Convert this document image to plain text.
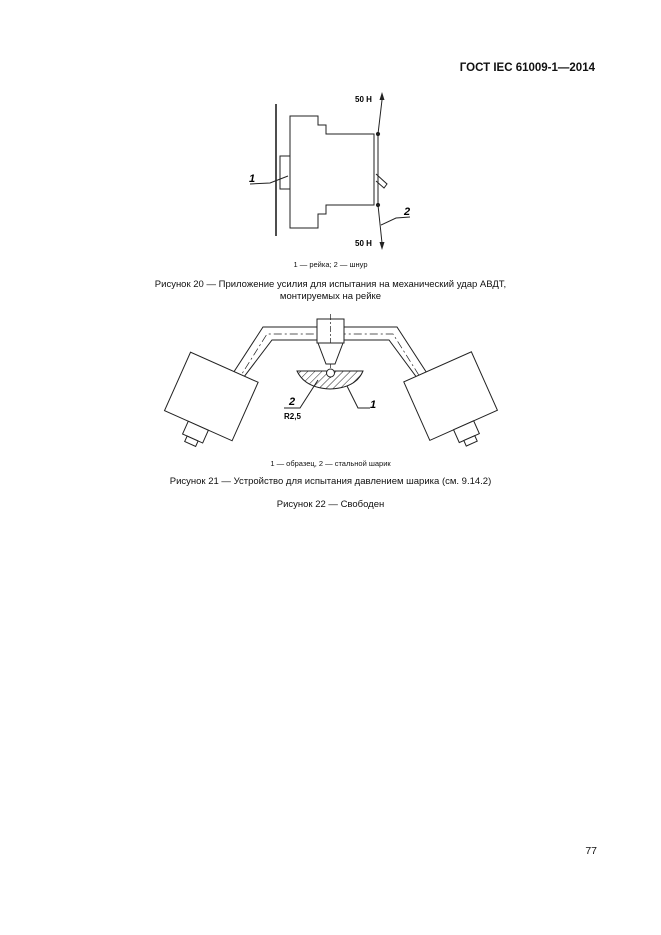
ГОСТ IEC 61009-1—2014
50 Н
50 Н
1
2
2
R2,5
1
1 — рейка; 2 — шнур
Рисунок 20 — Приложение усилия для испытания на механический удар АВДТ,
монтируемых на рейке
1 — образец, 2 — стальной шарик
Рисунок 21 — Устройство для испытания давлением шарика (см. 9.14.2)
Рисунок 22 — Свободен
77
